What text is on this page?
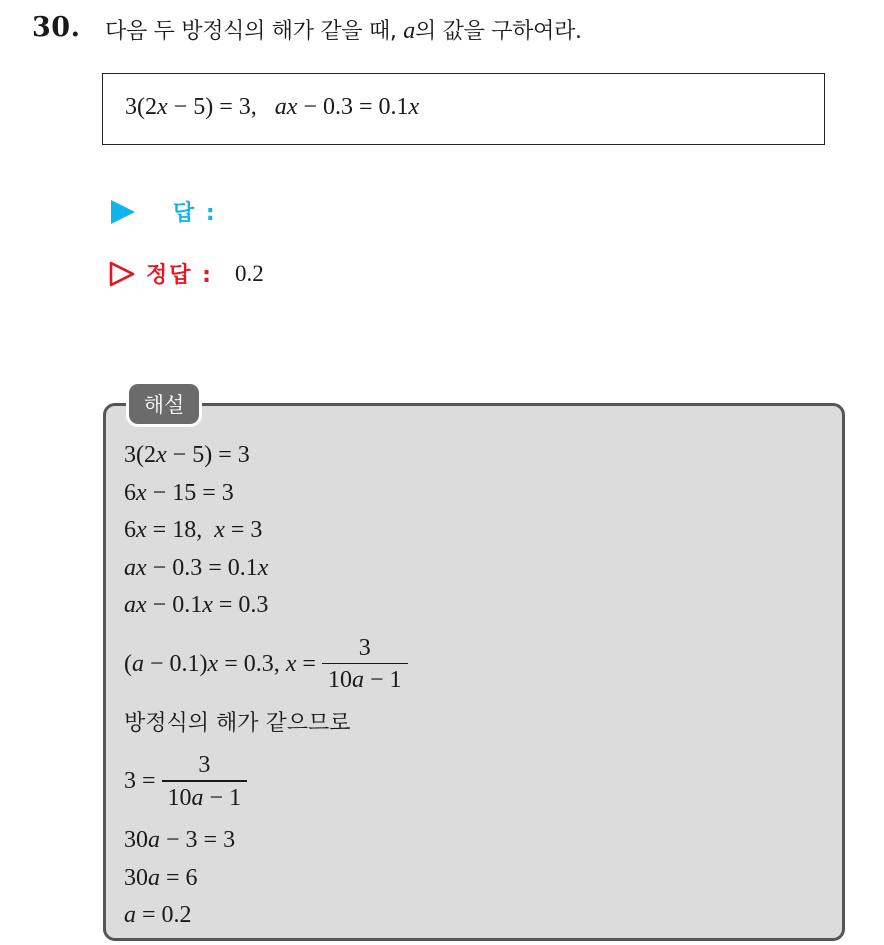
30. 다음 두 방정식의 해가 같을 때, a의 값을 구하여라.
3(2x − 5) = 3, ax − 0.3 = 0.1x
답 :
정답 : 0.2
해설
3(2x − 5) = 3
6x − 15 = 3
6x = 18, x = 3
ax − 0.3 = 0.1x
ax − 0.1x = 0.3
(a − 0.1)x = 0.3, $x = \frac{3}{10a - 1}$
방정식의 해가 같으므로
$3 = \frac{3}{10a - 1}$
30a − 3 = 3
30a = 6
a = 0.2
